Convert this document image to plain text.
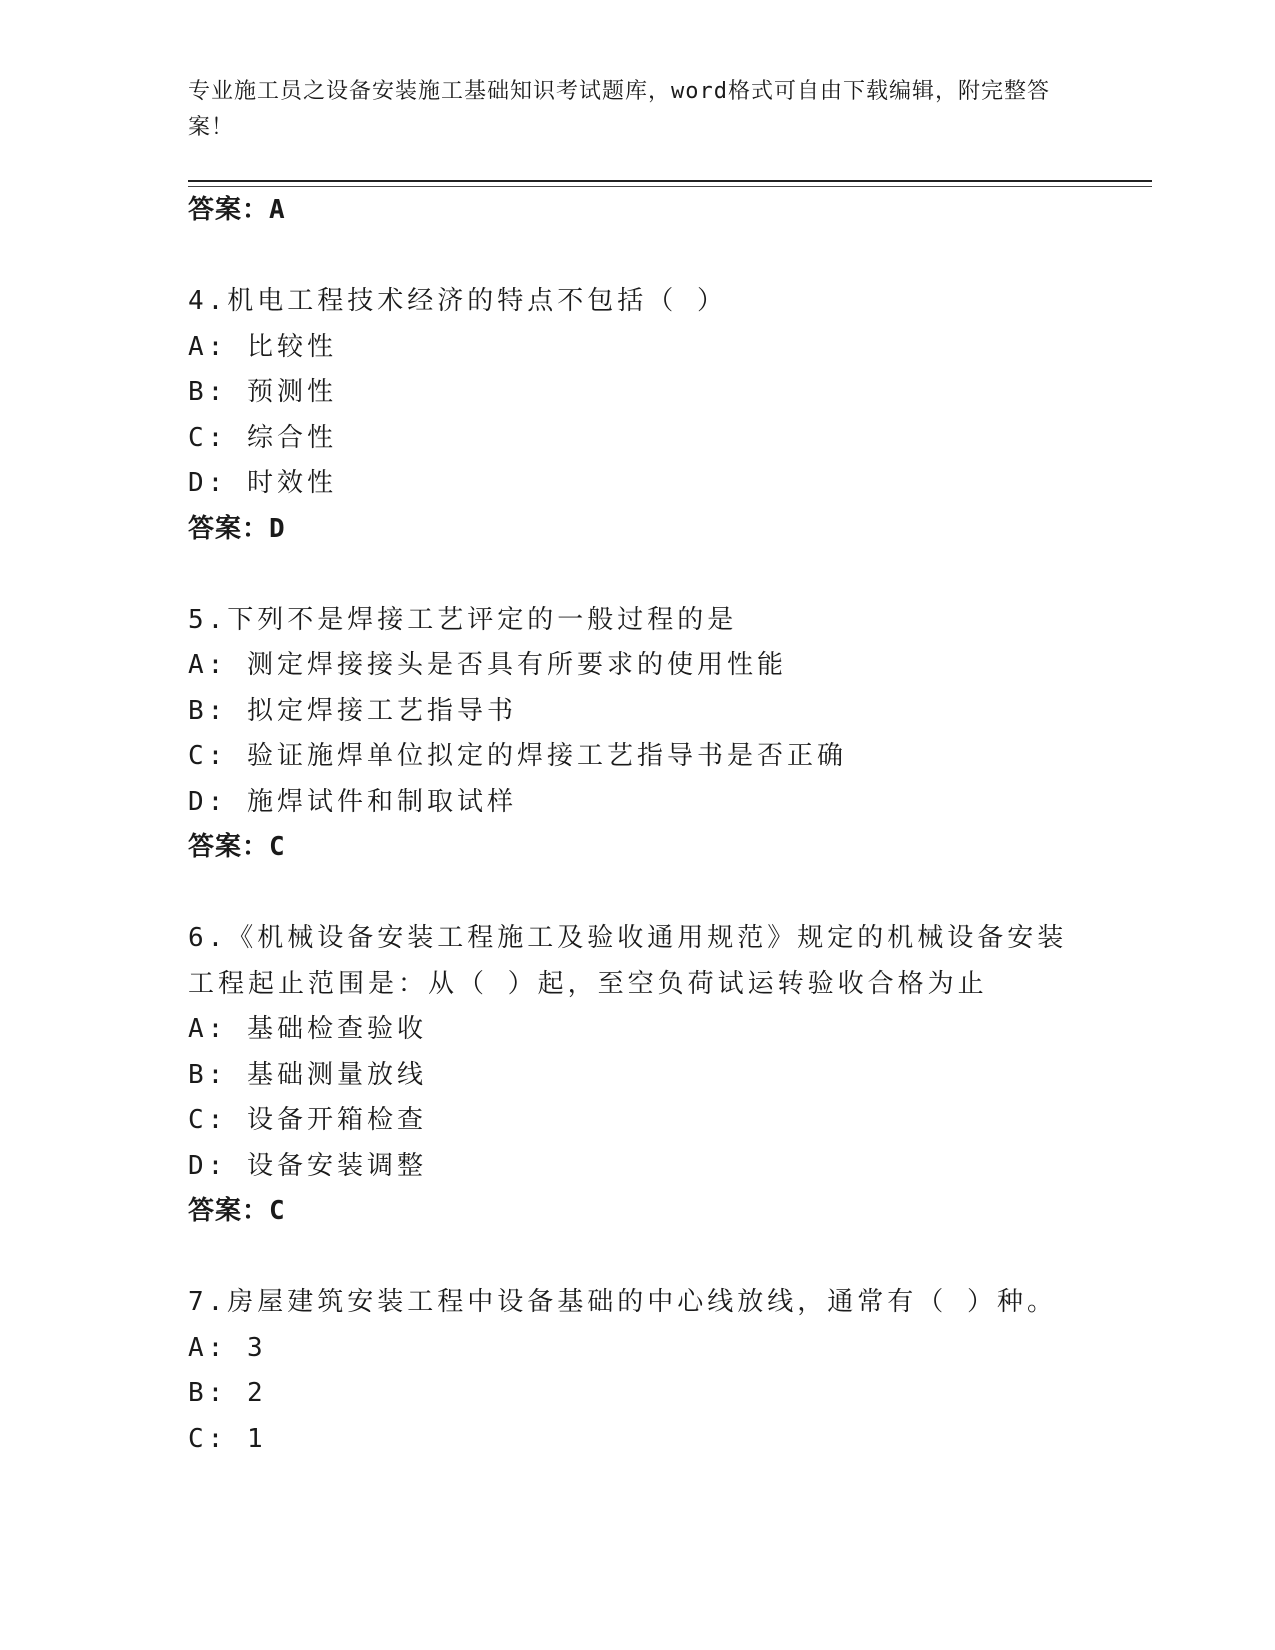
专业施工员之设备安装施工基础知识考试题库，word格式可自由下载编辑，附完整答案！
答案：A
4.机电工程技术经济的特点不包括（ ）
A: 比较性
B: 预测性
C: 综合性
D: 时效性
答案：D
5.下列不是焊接工艺评定的一般过程的是
A: 测定焊接接头是否具有所要求的使用性能
B: 拟定焊接工艺指导书
C: 验证施焊单位拟定的焊接工艺指导书是否正确
D: 施焊试件和制取试样
答案：C
6.《机械设备安装工程施工及验收通用规范》规定的机械设备安装工程起止范围是：从（ ）起，至空负荷试运转验收合格为止
A: 基础检查验收
B: 基础测量放线
C: 设备开箱检查
D: 设备安装调整
答案：C
7.房屋建筑安装工程中设备基础的中心线放线，通常有（ ）种。
A: 3
B: 2
C: 1
